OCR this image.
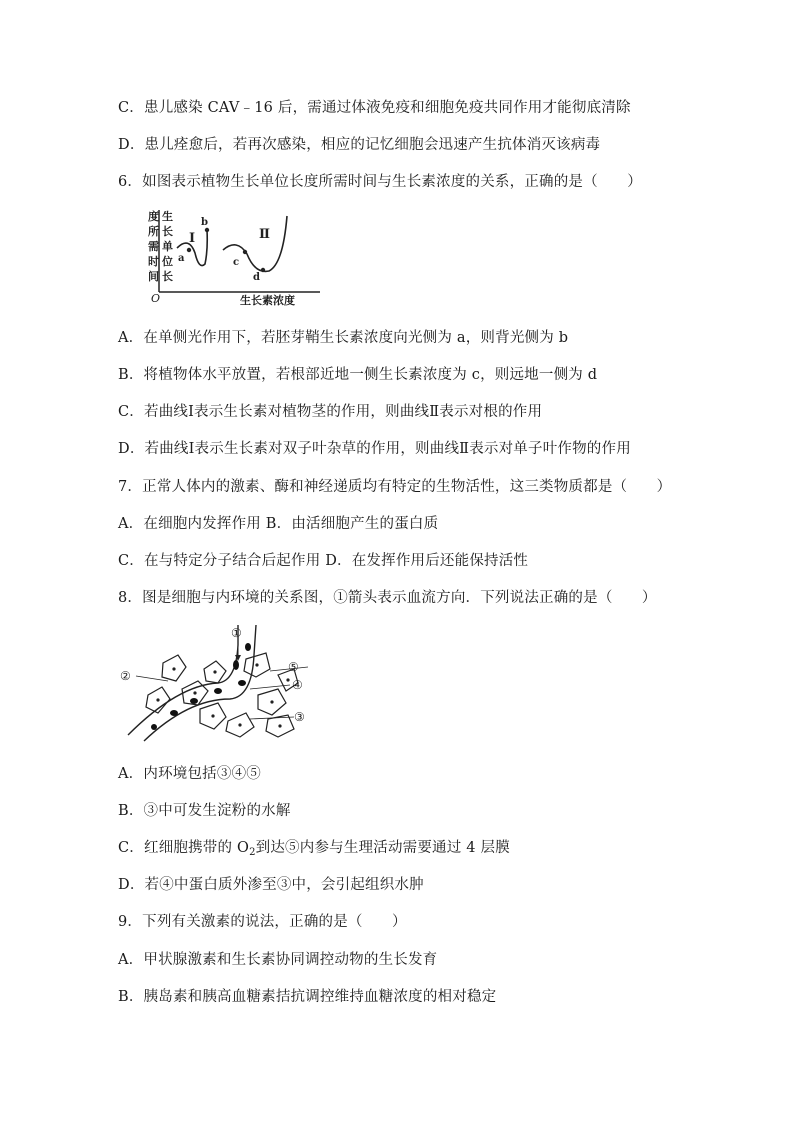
C．患儿感染 CAV﹣16 后，需通过体液免疫和细胞免疫共同作用才能彻底清除
D．患儿痊愈后，若再次感染，相应的记忆细胞会迅速产生抗体消灭该病毒
6．如图表示植物生长单位长度所需时间与生长素浓度的关系，正确的是（　　）
度
所
需
时
间
生
长
单
位
长
O	生长素浓度
Ⅰ
a
b
Ⅱ
c
d
A．在单侧光作用下，若胚芽鞘生长素浓度向光侧为 a，则背光侧为 b
B．将植物体水平放置，若根部近地一侧生长素浓度为 c，则远地一侧为 d
C．若曲线Ⅰ表示生长素对植物茎的作用，则曲线Ⅱ表示对根的作用
D．若曲线Ⅰ表示生长素对双子叶杂草的作用，则曲线Ⅱ表示对单子叶作物的作用
7．正常人体内的激素、酶和神经递质均有特定的生物活性，这三类物质都是（　　）
A．在细胞内发挥作用 B．由活细胞产生的蛋白质
C．在与特定分子结合后起作用 D．在发挥作用后还能保持活性
8．图是细胞与内环境的关系图，①箭头表示血流方向．下列说法正确的是（　　）
①
②
③
④
⑤
A．内环境包括③④⑤
B．③中可发生淀粉的水解
C．红细胞携带的 $O_2$到达⑤内参与生理活动需要通过 4 层膜
D．若④中蛋白质外渗至③中，会引起组织水肿
9．下列有关激素的说法，正确的是（　　）
A．甲状腺激素和生长素协同调控动物的生长发育
B．胰岛素和胰高血糖素拮抗调控维持血糖浓度的相对稳定
